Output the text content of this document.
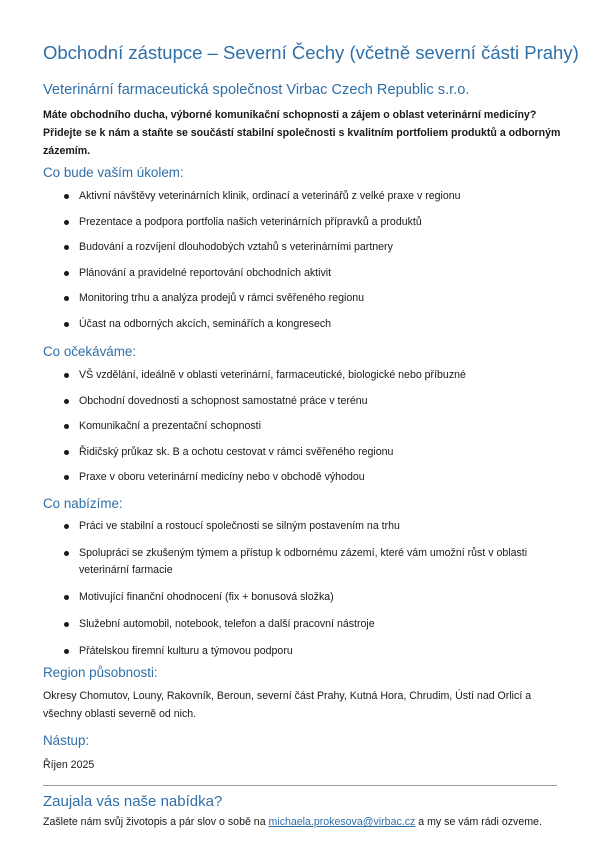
Obchodní zástupce – Severní Čechy (včetně severní části Prahy)
Veterinární farmaceutická společnost Virbac Czech Republic s.r.o.
Máte obchodního ducha, výborné komunikační schopnosti a zájem o oblast veterinární medicíny?
Přidejte se k nám a staňte se součástí stabilní společnosti s kvalitním portfoliem produktů a odborným
zázemím.
Co bude vaším úkolem:
Aktivní návštěvy veterinárních klinik, ordinací a veterinářů z velké praxe v regionu
Prezentace a podpora portfolia našich veterinárních přípravků a produktů
Budování a rozvíjení dlouhodobých vztahů s veterinárními partnery
Plánování a pravidelné reportování obchodních aktivit
Monitoring trhu a analýza prodejů v rámci svěřeného regionu
Účast na odborných akcích, seminářích a kongresech
Co očekáváme:
VŠ vzdělání, ideálně v oblasti veterinární, farmaceutické, biologické nebo příbuzné
Obchodní dovednosti a schopnost samostatné práce v terénu
Komunikační a prezentační schopnosti
Řidičský průkaz sk. B a ochotu cestovat v rámci svěřeného regionu
Praxe v oboru veterinární medicíny nebo v obchodě výhodou
Co nabízíme:
Práci ve stabilní a rostoucí společnosti se silným postavením na trhu
Spolupráci se zkušeným týmem a přístup k odbornému zázemí, které vám umožní růst v oblasti veterinární farmacie
Motivující finanční ohodnocení (fix + bonusová složka)
Služební automobil, notebook, telefon a další pracovní nástroje
Přátelskou firemní kulturu a týmovou podporu
Region působnosti:
Okresy Chomutov, Louny, Rakovník, Beroun, severní část Prahy, Kutná Hora, Chrudim, Ústí nad Orlicí a
všechny oblasti severně od nich.
Nástup:
Říjen 2025
Zaujala vás naše nabídka?
Zašlete nám svůj životopis a pár slov o sobě na michaela.prokesova@virbac.cz a my se vám rádi ozveme.
